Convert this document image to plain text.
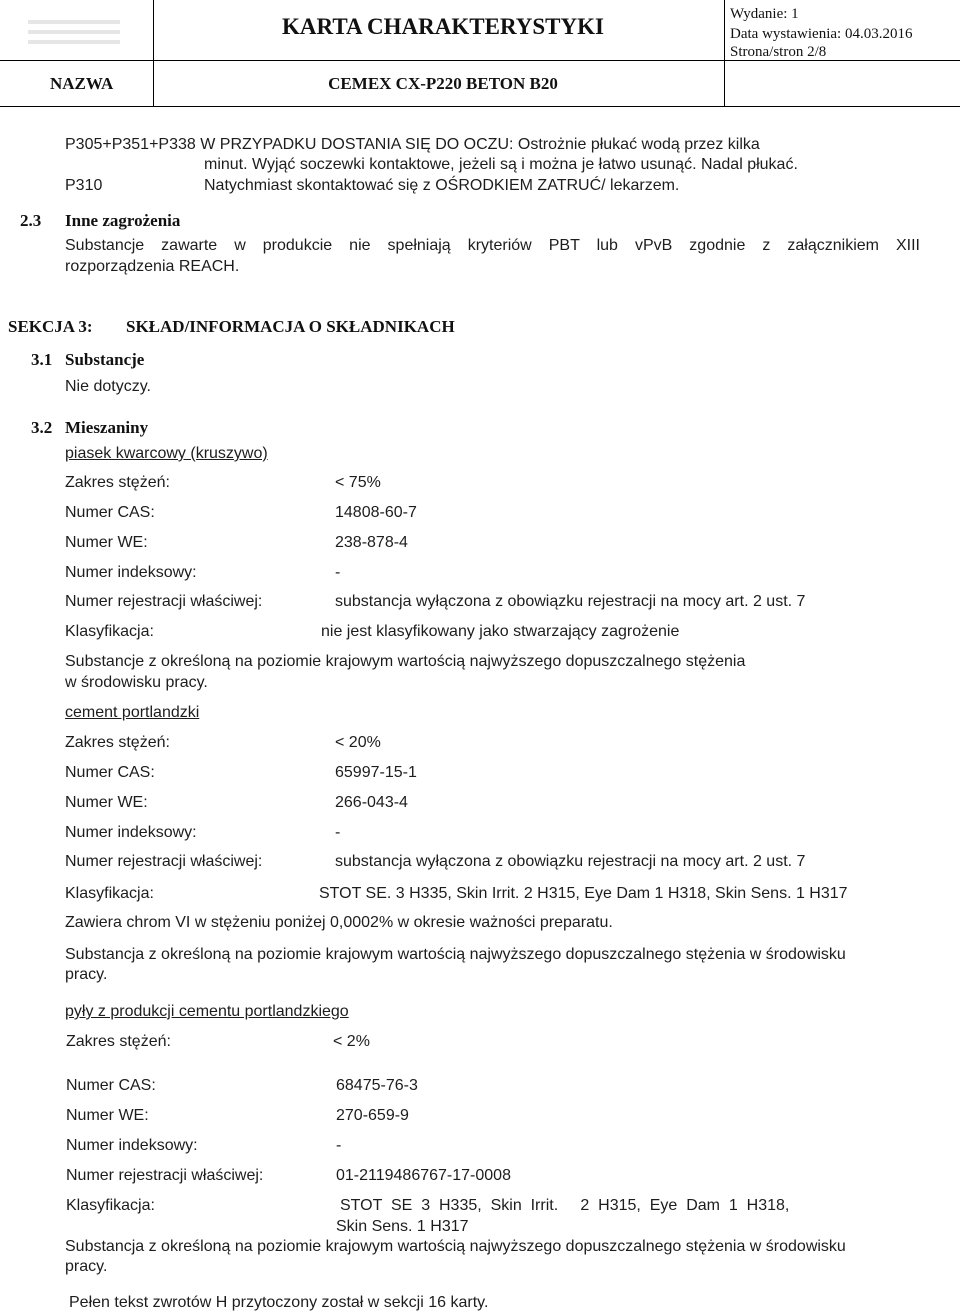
KARTA CHARAKTERYSTYKI	Wydanie: 1
Data wystawienia: 04.03.2016
Strona/stron 2/8
NAZWA	CEMEX CX-P220 BETON B20
P305+P351+P338 W PRZYPADKU DOSTANIA SIĘ DO OCZU: Ostrożnie płukać wodą przez kilka
minut. Wyjąć soczewki kontaktowe, jeżeli są i można je łatwo usunąć. Nadal płukać.
P310	Natychmiast skontaktować się z OŚRODKIEM ZATRUĆ/ lekarzem.
2.3 Inne zagrożenia
Substancje zawarte w produkcie nie spełniają kryteriów PBT lub vPvB zgodnie z załącznikiem XIII
rozporządzenia REACH.
SEKCJA 3: SKŁAD/INFORMACJA O SKŁADNIKACH
3.1 Substancje
Nie dotyczy.
3.2 Mieszaniny
piasek kwarcowy (kruszywo)
Zakres stężeń:	< 75%
Numer CAS:	14808-60-7
Numer WE:	238-878-4
Numer indeksowy:	-
Numer rejestracji właściwej:	substancja wyłączona z obowiązku rejestracji na mocy art. 2 ust. 7
Klasyfikacja:	nie jest klasyfikowany jako stwarzający zagrożenie
Substancje z określoną na poziomie krajowym wartością najwyższego dopuszczalnego stężenia
w środowisku pracy.
cement portlandzki
Zakres stężeń:	< 20%
Numer CAS:	65997-15-1
Numer WE:	266-043-4
Numer indeksowy:	-
Numer rejestracji właściwej:	substancja wyłączona z obowiązku rejestracji na mocy art. 2 ust. 7
Klasyfikacja:	STOT SE. 3 H335, Skin Irrit. 2 H315, Eye Dam 1 H318, Skin Sens. 1 H317
Zawiera chrom VI w stężeniu poniżej 0,0002% w okresie ważności preparatu.
Substancja z określoną na poziomie krajowym wartością najwyższego dopuszczalnego stężenia w środowisku
pracy.
pyły z produkcji cementu portlandzkiego
Zakres stężeń:	< 2%
Numer CAS:	68475-76-3
Numer WE:	270-659-9
Numer indeksowy:	-
Numer rejestracji właściwej:	01-2119486767-17-0008
Klasyfikacja:	STOT  SE  3  H335,  Skin  Irrit.     2  H315,  Eye  Dam  1  H318,
Skin Sens. 1 H317
Substancja z określoną na poziomie krajowym wartością najwyższego dopuszczalnego stężenia w środowisku
pracy.
Pełen tekst zwrotów H przytoczony został w sekcji 16 karty.
